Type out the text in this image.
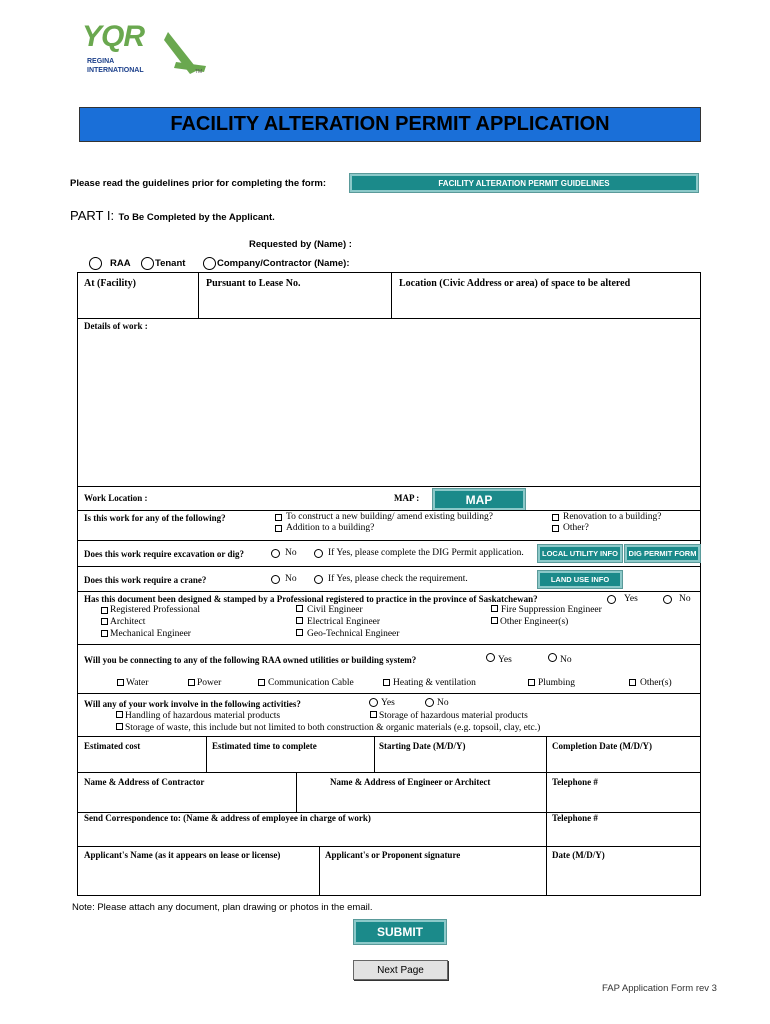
YQR
REGINA
INTERNATIONAL	TM
FACILITY ALTERATION PERMIT APPLICATION
Please read the guidelines prior for completing the form:	FACILITY ALTERATION PERMIT GUIDELINES
PART I: To Be Completed by the Applicant.
Requested by (Name) :
RAA	Tenant	Company/Contractor (Name):
At (Facility)	Pursuant to Lease No.	Location (Civic Address or area) of space to be altered
Details of work :
Work Location :	MAP :	MAP
Is this work for any of the following?	To construct a new building/ amend existing building?
Addition to a building?
Renovation to a building?
Other?
Does this work require excavation or dig?	No	If Yes, please complete the DIG Permit application.	LOCAL UTILITY INFO	DIG PERMIT FORM
Does this work require a crane?	No	If Yes, please check the requirement.	LAND USE INFO
Has this document been designed & stamped by a Professional registered to practice in the province of Saskatchewan?	Yes	No
Registered Professional
Architect
Mechanical Engineer
Civil Engineer
Electrical Engineer
Geo-Technical Engineer
Fire Suppression Engineer
Other Engineer(s)
Will you be connecting to any of the following RAA owned utilities or building system?	Yes	No
Water	Power	Communication Cable	Heating & ventilation	Plumbing	Other(s)
Will any of your work involve in the following activities?	Yes	No
Handling of hazardous material products	Storage of hazardous material products
Storage of waste, this include but not limited to both construction & organic materials (e.g. topsoil, clay, etc.)
Estimated cost	Estimated time to complete	Starting Date (M/D/Y)	Completion Date (M/D/Y)
Name & Address of Contractor	Name & Address of Engineer or Architect	Telephone #
Send Correspondence to: (Name & address of employee in charge of work)	Telephone #
Applicant's Name (as it appears on lease or license)	Applicant's or Proponent signature	Date (M/D/Y)
Note: Please attach any document, plan drawing or photos in the email.
SUBMIT
Next Page
FAP Application Form rev 3
